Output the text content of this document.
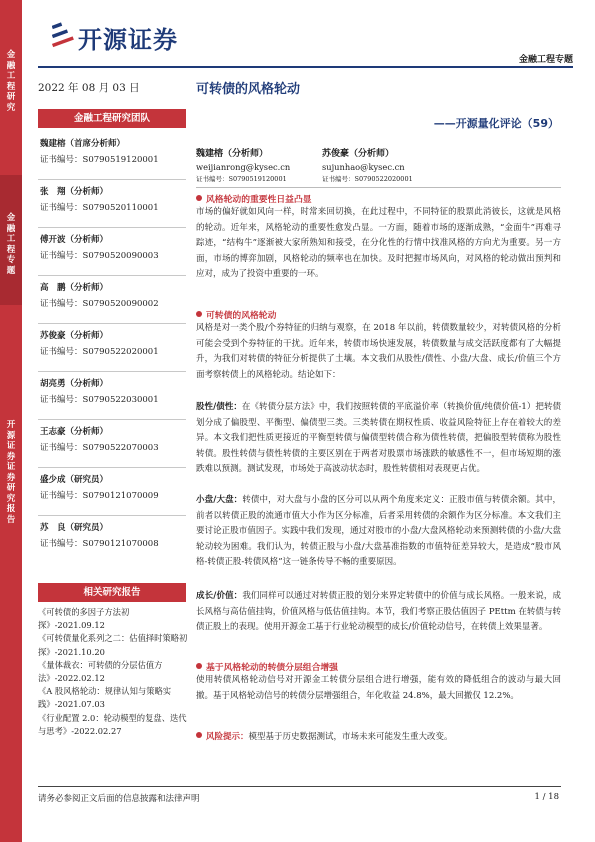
金融工程研究
金融工程专题
开源证券 证券研究报告
开源证券
金融工程专题
2022 年 08 月 03 日	可转债的风格轮动
——开源量化评论（59）
金融工程研究团队
魏建榕（首席分析师）
证书编号：S0790519120001
张　翔（分析师）
证书编号：S0790520110001
傅开波（分析师）
证书编号：S0790520090003
高　鹏（分析师）
证书编号：S0790520090002
苏俊豪（分析师）
证书编号：S0790522020001
胡亮勇（分析师）
证书编号：S0790522030001
王志豪（分析师）
证书编号：S0790522070003
盛少成（研究员）
证书编号：S0790121070009
苏　良（研究员）
证书编号：S0790121070008
相关研究报告
《可转债的多因子方法初探》-2021.09.12
《可转债量化系列之二：估值择时策略初探》-2021.10.20
《量体裁衣：可转债的分层估值方法》-2022.02.12
《A 股风格轮动：规律认知与策略实践》-2021.07.03
《行业配置 2.0：轮动模型的复盘、迭代与思考》-2022.02.27
魏建榕（分析师）
weijianrong@kysec.cn
证书编号：S0790519120001
苏俊豪（分析师）
sujunhao@kysec.cn
证书编号：S0790522020001
风格轮动的重要性日益凸显
市场的偏好就如风向一样，时常来回切换，在此过程中，不同特征的股票此消彼长，这就是风格的轮动。近年来，风格轮动的重要性愈发凸显。一方面，随着市场的逐渐成熟，“金面牛”再难寻踪迹，“结构牛”逐渐被大家所熟知和接受，在分化性的行情中找准风格的方向尤为重要。另一方面，市场的博弈加剧，风格轮动的频率也在加快。及时把握市场风向，对风格的轮动做出预判和应对，成为了投资中重要的一环。
可转债的风格轮动
风格是对一类个股/个券特征的归纳与观察，在 2018 年以前，转债数量较少，对转债风格的分析可能会受到个券特征的干扰。近年来，转债市场快速发展，转债数量与成交活跃度都有了大幅提升，为我们对转债的特征分析提供了土壤。本文我们从股性/债性、小盘/大盘、成长/价值三个方面考察转债上的风格轮动。结论如下：
股性/债性：在《转债分层方法》中，我们按照转债的平底溢价率（转换价值/纯债价值-1）把转债划分成了偏股型、平衡型、偏债型三类。三类转债在期权性质、收益风险特征上存在着较大的差异。本文我们把性质更接近的平衡型转债与偏债型转债合称为债性转债，把偏股型转债称为股性转债。股性转债与债性转债的主要区别在于两者对股票市场涨跌的敏感性不一，但市场短期的涨跌难以预测。测试发现，市场处于高波动状态时，股性转债相对表现更占优。
小盘/大盘：转债中，对大盘与小盘的区分可以从两个角度来定义：正股市值与转债余额。其中，前者以转债正股的流通市值大小作为区分标准，后者采用转债的余额作为区分标准。本文我们主要讨论正股市值因子。实践中我们发现，通过对股市的小盘/大盘风格轮动来预测转债的小盘/大盘轮动较为困难。我们认为，转债正股与小盘/大盘基准指数的市值特征差异较大，是造成“股市风格-转债正股-转债风格”这一链条传导不畅的重要原因。
成长/价值：我们同样可以通过对转债正股的划分来界定转债中的价值与成长风格。一般来说，成长风格与高估值挂钩，价值风格与低估值挂钩。本节，我们考察正股估值因子 PEttm 在转债与转债正股上的表现。使用开源金工基于行业轮动模型的成长/价值轮动信号，在转债上效果显著。
基于风格轮动的转债分层组合增强
使用转债风格轮动信号对开源金工转债分层组合进行增强，能有效的降低组合的波动与最大回撤。基于风格轮动信号的转债分层增强组合，年化收益 24.8%，最大回撤仅 12.2%。
风险提示：模型基于历史数据测试，市场未来可能发生重大改变。
请务必参阅正文后面的信息披露和法律声明	1 / 18
